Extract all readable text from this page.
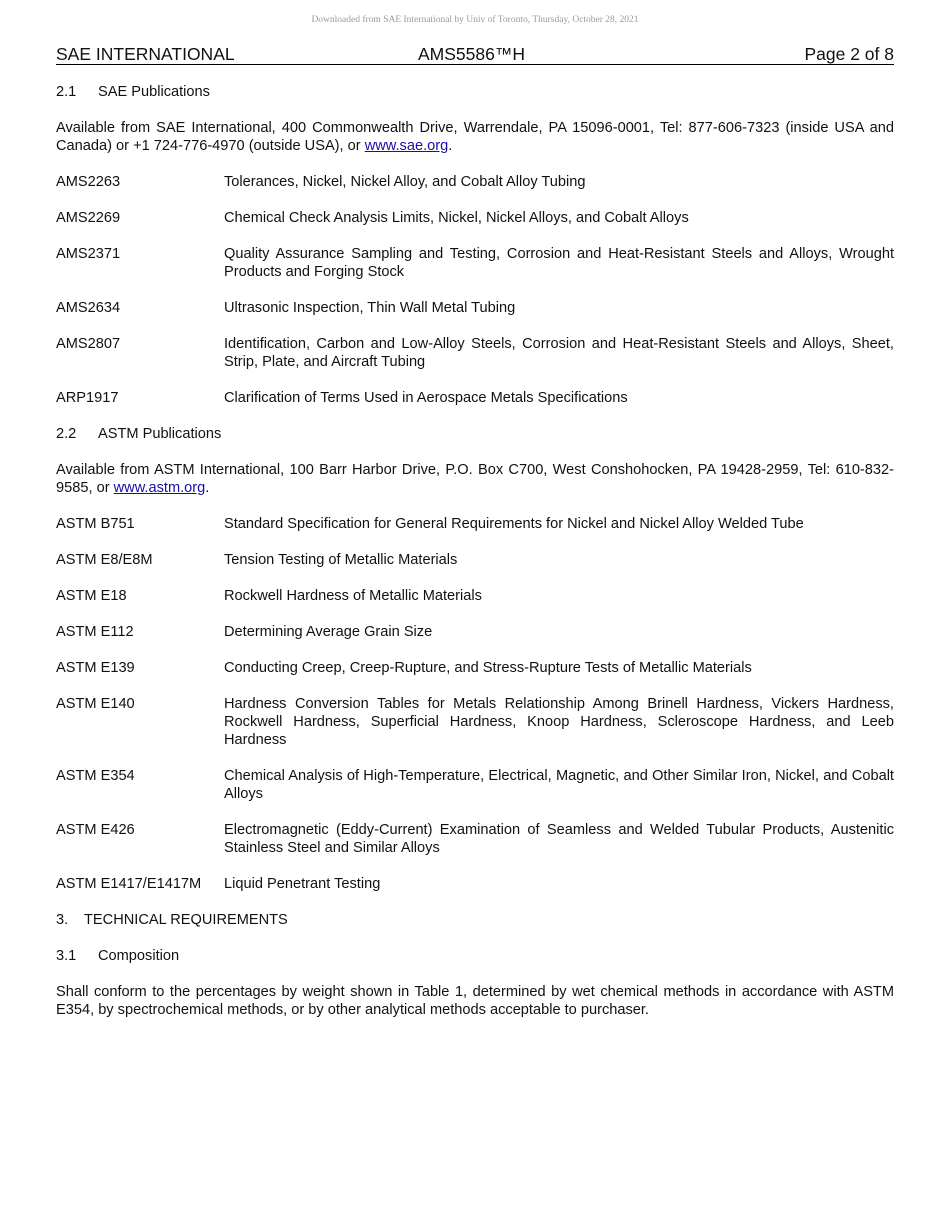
Downloaded from SAE International by Univ of Toronto, Thursday, October 28, 2021
SAE INTERNATIONAL	AMS5586™H	Page 2 of 8
2.1 SAE Publications
Available from SAE International, 400 Commonwealth Drive, Warrendale, PA 15096-0001, Tel: 877-606-7323 (inside USA and Canada) or +1 724-776-4970 (outside USA), or www.sae.org.
AMS2263	Tolerances, Nickel, Nickel Alloy, and Cobalt Alloy Tubing
AMS2269	Chemical Check Analysis Limits, Nickel, Nickel Alloys, and Cobalt Alloys
AMS2371	Quality Assurance Sampling and Testing, Corrosion and Heat-Resistant Steels and Alloys, Wrought Products and Forging Stock
AMS2634	Ultrasonic Inspection, Thin Wall Metal Tubing
AMS2807	Identification, Carbon and Low-Alloy Steels, Corrosion and Heat-Resistant Steels and Alloys, Sheet, Strip, Plate, and Aircraft Tubing
ARP1917	Clarification of Terms Used in Aerospace Metals Specifications
2.2 ASTM Publications
Available from ASTM International, 100 Barr Harbor Drive, P.O. Box C700, West Conshohocken, PA 19428-2959, Tel: 610-832-9585, or www.astm.org.
ASTM B751	Standard Specification for General Requirements for Nickel and Nickel Alloy Welded Tube
ASTM E8/E8M	Tension Testing of Metallic Materials
ASTM E18	Rockwell Hardness of Metallic Materials
ASTM E112	Determining Average Grain Size
ASTM E139	Conducting Creep, Creep-Rupture, and Stress-Rupture Tests of Metallic Materials
ASTM E140	Hardness Conversion Tables for Metals Relationship Among Brinell Hardness, Vickers Hardness, Rockwell Hardness, Superficial Hardness, Knoop Hardness, Scleroscope Hardness, and Leeb Hardness
ASTM E354	Chemical Analysis of High-Temperature, Electrical, Magnetic, and Other Similar Iron, Nickel, and Cobalt Alloys
ASTM E426	Electromagnetic (Eddy-Current) Examination of Seamless and Welded Tubular Products, Austenitic Stainless Steel and Similar Alloys
ASTM E1417/E1417M	Liquid Penetrant Testing
3. TECHNICAL REQUIREMENTS
3.1 Composition
Shall conform to the percentages by weight shown in Table 1, determined by wet chemical methods in accordance with ASTM E354, by spectrochemical methods, or by other analytical methods acceptable to purchaser.
